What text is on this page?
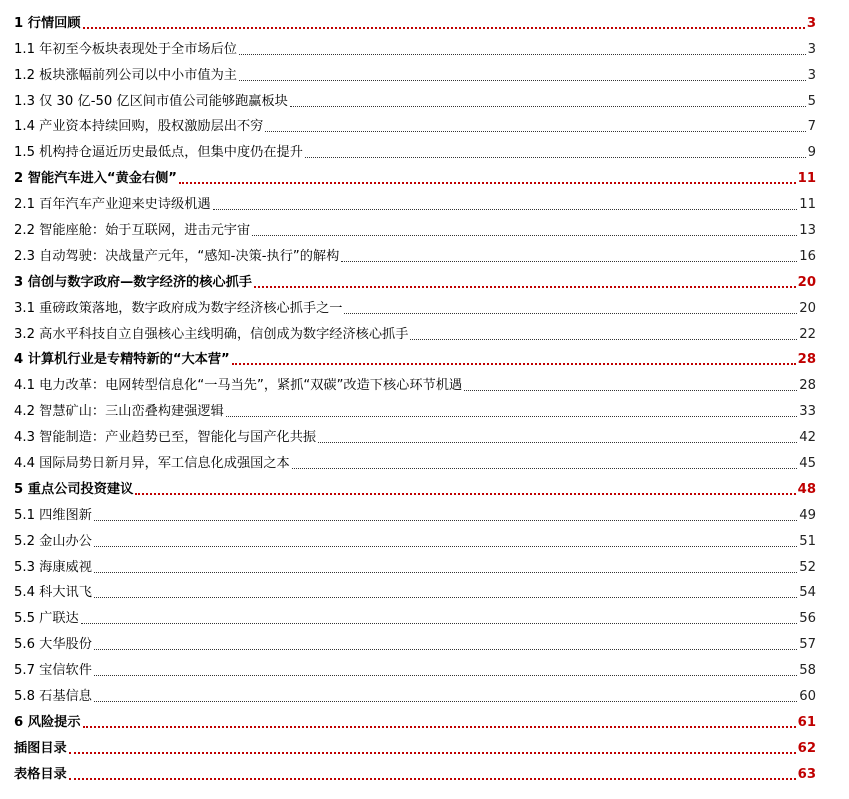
1 行情回顾	3
1.1 年初至今板块表现处于全市场后位	3
1.2 板块涨幅前列公司以中小市值为主	3
1.3 仅 30 亿-50 亿区间市值公司能够跑赢板块	5
1.4 产业资本持续回购，股权激励层出不穷	7
1.5 机构持仓逼近历史最低点，但集中度仍在提升	9
2 智能汽车进入“黄金右侧”	11
2.1 百年汽车产业迎来史诗级机遇	11
2.2 智能座舱：始于互联网，进击元宇宙	13
2.3 自动驾驶：决战量产元年，“感知-决策-执行”的解构	16
3 信创与数字政府—数字经济的核心抓手	20
3.1 重磅政策落地，数字政府成为数字经济核心抓手之一	20
3.2 高水平科技自立自强核心主线明确，信创成为数字经济核心抓手	22
4 计算机行业是专精特新的“大本营”	28
4.1 电力改革：电网转型信息化“一马当先”，紧抓“双碳”改造下核心环节机遇	28
4.2 智慧矿山：三山峦叠构建强逻辑	33
4.3 智能制造：产业趋势已至，智能化与国产化共振	42
4.4 国际局势日新月异，军工信息化成强国之本	45
5 重点公司投资建议	48
5.1 四维图新	49
5.2 金山办公	51
5.3 海康威视	52
5.4 科大讯飞	54
5.5 广联达	56
5.6 大华股份	57
5.7 宝信软件	58
5.8 石基信息	60
6 风险提示	61
插图目录	62
表格目录	63
